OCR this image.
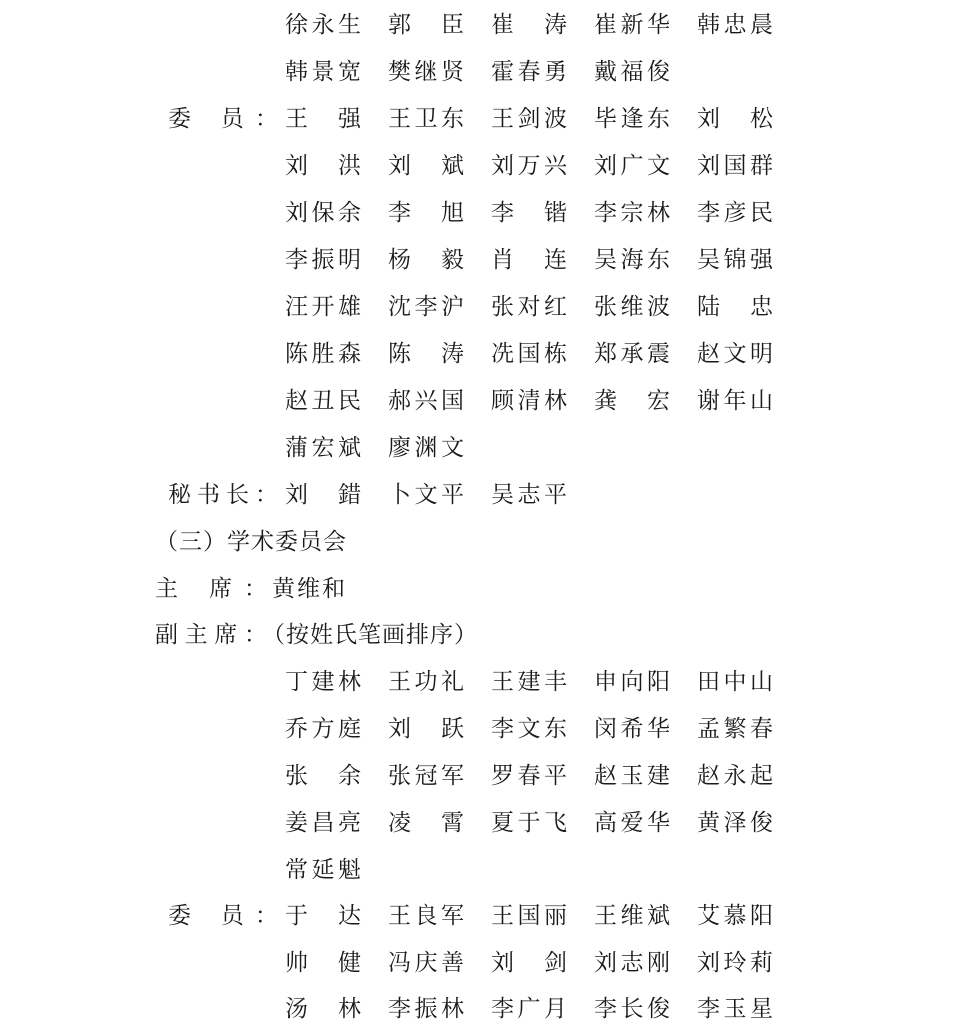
徐 永 生 郭
臣 崔
涛 崔 新 华 韩 忠 晨
韩 景 宽 樊 继 贤 霍 春 勇 戴 福 俊
委
员 ： 王
强 王 卫 东 王 剑 波 毕 逢 东 刘
松
刘
洪 刘
斌 刘 万 兴 刘 广 文 刘 国 群
刘 保 余 李
旭 李
锴 李 宗 林 李 彦 民
李 振 明 杨
毅 肖
连 吴 海 东 吴 锦 强
汪 开 雄 沈 李 沪 张 对 红 张 维 波 陆
忠
陈 胜 森 陈
涛 冼 国 栋 郑 承 震 赵 文 明
赵 丑 民 郝 兴 国 顾 清 林 龚
宏 谢 年 山
蒲 宏 斌 廖 渊 文
秘 书 长 ： 刘
錯 卜 文 平 吴 志 平
（三）学术委员会
主
席 ： 黄维和
副 主 席 ：
（按姓氏笔画排序）
丁 建 林 王 功 礼 王 建 丰 申 向 阳 田 中 山
乔 方 庭 刘
跃 李 文 东 闵 希 华 孟 繁 春
张
余 张 冠 军 罗 春 平 赵 玉 建 赵 永 起
姜 昌 亮 凌
霄 夏 于 飞 高 爱 华 黄 泽 俊
常 延 魁
委
员 ： 于
达 王 良 军 王 国 丽 王 维 斌 艾 慕 阳
帅
健 冯 庆 善 刘
剑 刘 志 刚 刘 玲 莉
汤
林 李 振 林 李 广 月 李 长 俊 李 玉 星
